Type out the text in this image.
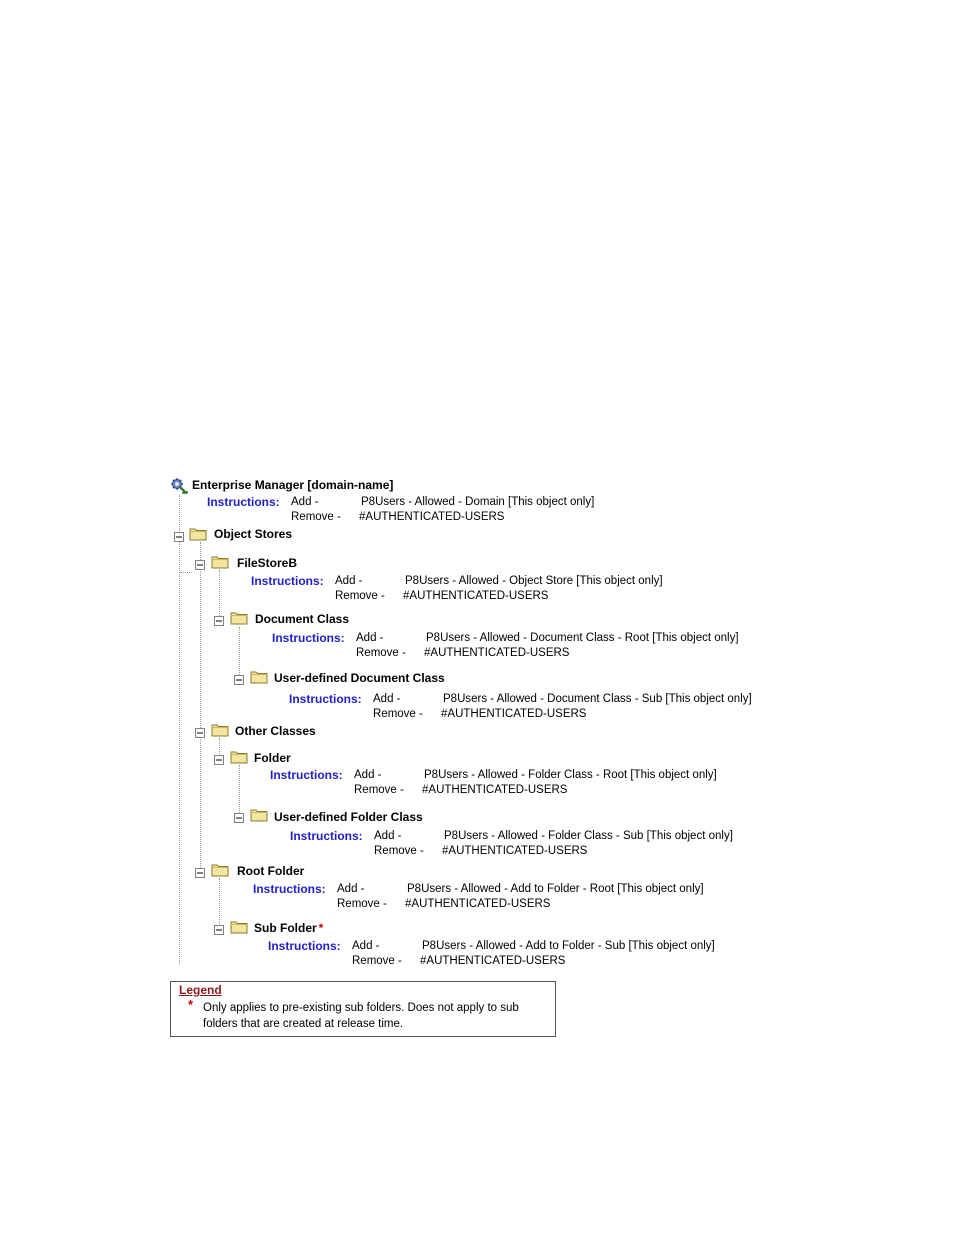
Enterprise Manager [domain-name]
Instructions: Add -	P8Users - Allowed - Domain [This object only]
Remove - #AUTHENTICATED-USERS
Object Stores
FileStoreB
Instructions: Add -	P8Users - Allowed - Object Store [This object only]
Remove - #AUTHENTICATED-USERS
Document Class
Instructions: Add -	P8Users - Allowed - Document Class - Root [This object only]
Remove - #AUTHENTICATED-USERS
User-defined Document Class
Instructions: Add -	P8Users - Allowed - Document Class - Sub [This object only]
Remove - #AUTHENTICATED-USERS
Other Classes
Folder
Instructions: Add -	P8Users - Allowed - Folder Class - Root [This object only]
Remove - #AUTHENTICATED-USERS
User-defined Folder Class
Instructions: Add -	P8Users - Allowed - Folder Class - Sub [This object only]
Remove - #AUTHENTICATED-USERS
Root Folder
Instructions: Add -	P8Users - Allowed - Add to Folder - Root [This object only]
Remove - #AUTHENTICATED-USERS
Sub Folder *
Instructions: Add -	P8Users - Allowed - Add to Folder - Sub [This object only]
Remove - #AUTHENTICATED-USERS
Legend
* Only applies to pre-existing sub folders. Does not apply to sub folders that are created at release time.
